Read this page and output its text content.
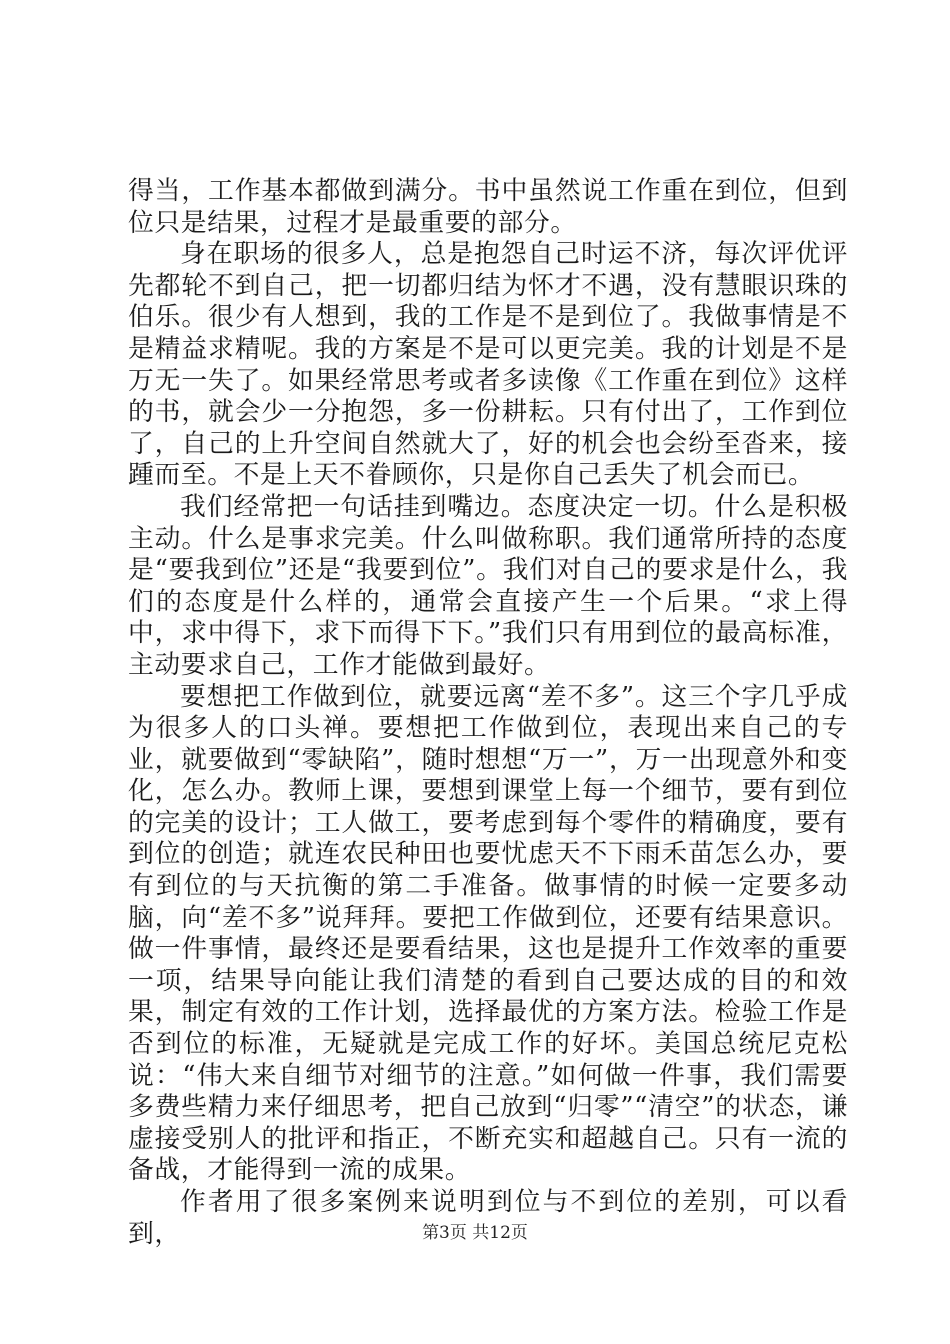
得当，工作基本都做到满分。书中虽然说工作重在到位，但到位只是结果，过程才是最重要的部分。

身在职场的很多人，总是抱怨自己时运不济，每次评优评先都轮不到自己，把一切都归结为怀才不遇，没有慧眼识珠的伯乐。很少有人想到，我的工作是不是到位了。我做事情是不是精益求精呢。我的方案是不是可以更完美。我的计划是不是万无一失了。如果经常思考或者多读像《工作重在到位》这样的书，就会少一分抱怨，多一份耕耘。只有付出了，工作到位了，自己的上升空间自然就大了，好的机会也会纷至沓来，接踵而至。不是上天不眷顾你，只是你自己丢失了机会而已。

我们经常把一句话挂到嘴边。态度决定一切。什么是积极主动。什么是事求完美。什么叫做称职。我们通常所持的态度是“要我到位”还是“我要到位”。我们对自己的要求是什么，我们的态度是什么样的，通常会直接产生一个后果。“求上得中，求中得下，求下而得下下。”我们只有用到位的最高标准，主动要求自己，工作才能做到最好。

要想把工作做到位，就要远离“差不多”。这三个字几乎成为很多人的口头禅。要想把工作做到位，表现出来自己的专业，就要做到“零缺陷”，随时想想“万一”，万一出现意外和变化，怎么办。教师上课，要想到课堂上每一个细节，要有到位的完美的设计；工人做工，要考虑到每个零件的精确度，要有到位的创造；就连农民种田也要忧虑天不下雨禾苗怎么办，要有到位的与天抗衡的第二手准备。做事情的时候一定要多动脑，向“差不多”说拜拜。要把工作做到位，还要有结果意识。做一件事情，最终还是要看结果，这也是提升工作效率的重要一项，结果导向能让我们清楚的看到自己要达成的目的和效果，制定有效的工作计划，选择最优的方案方法。检验工作是否到位的标准，无疑就是完成工作的好坏。美国总统尼克松说：“伟大来自细节对细节的注意。”如何做一件事，我们需要多费些精力来仔细思考，把自己放到“归零”“清空”的状态，谦虚接受别人的批评和指正，不断充实和超越自己。只有一流的备战，才能得到一流的成果。

作者用了很多案例来说明到位与不到位的差别，可以看到，	第3页 共12页
